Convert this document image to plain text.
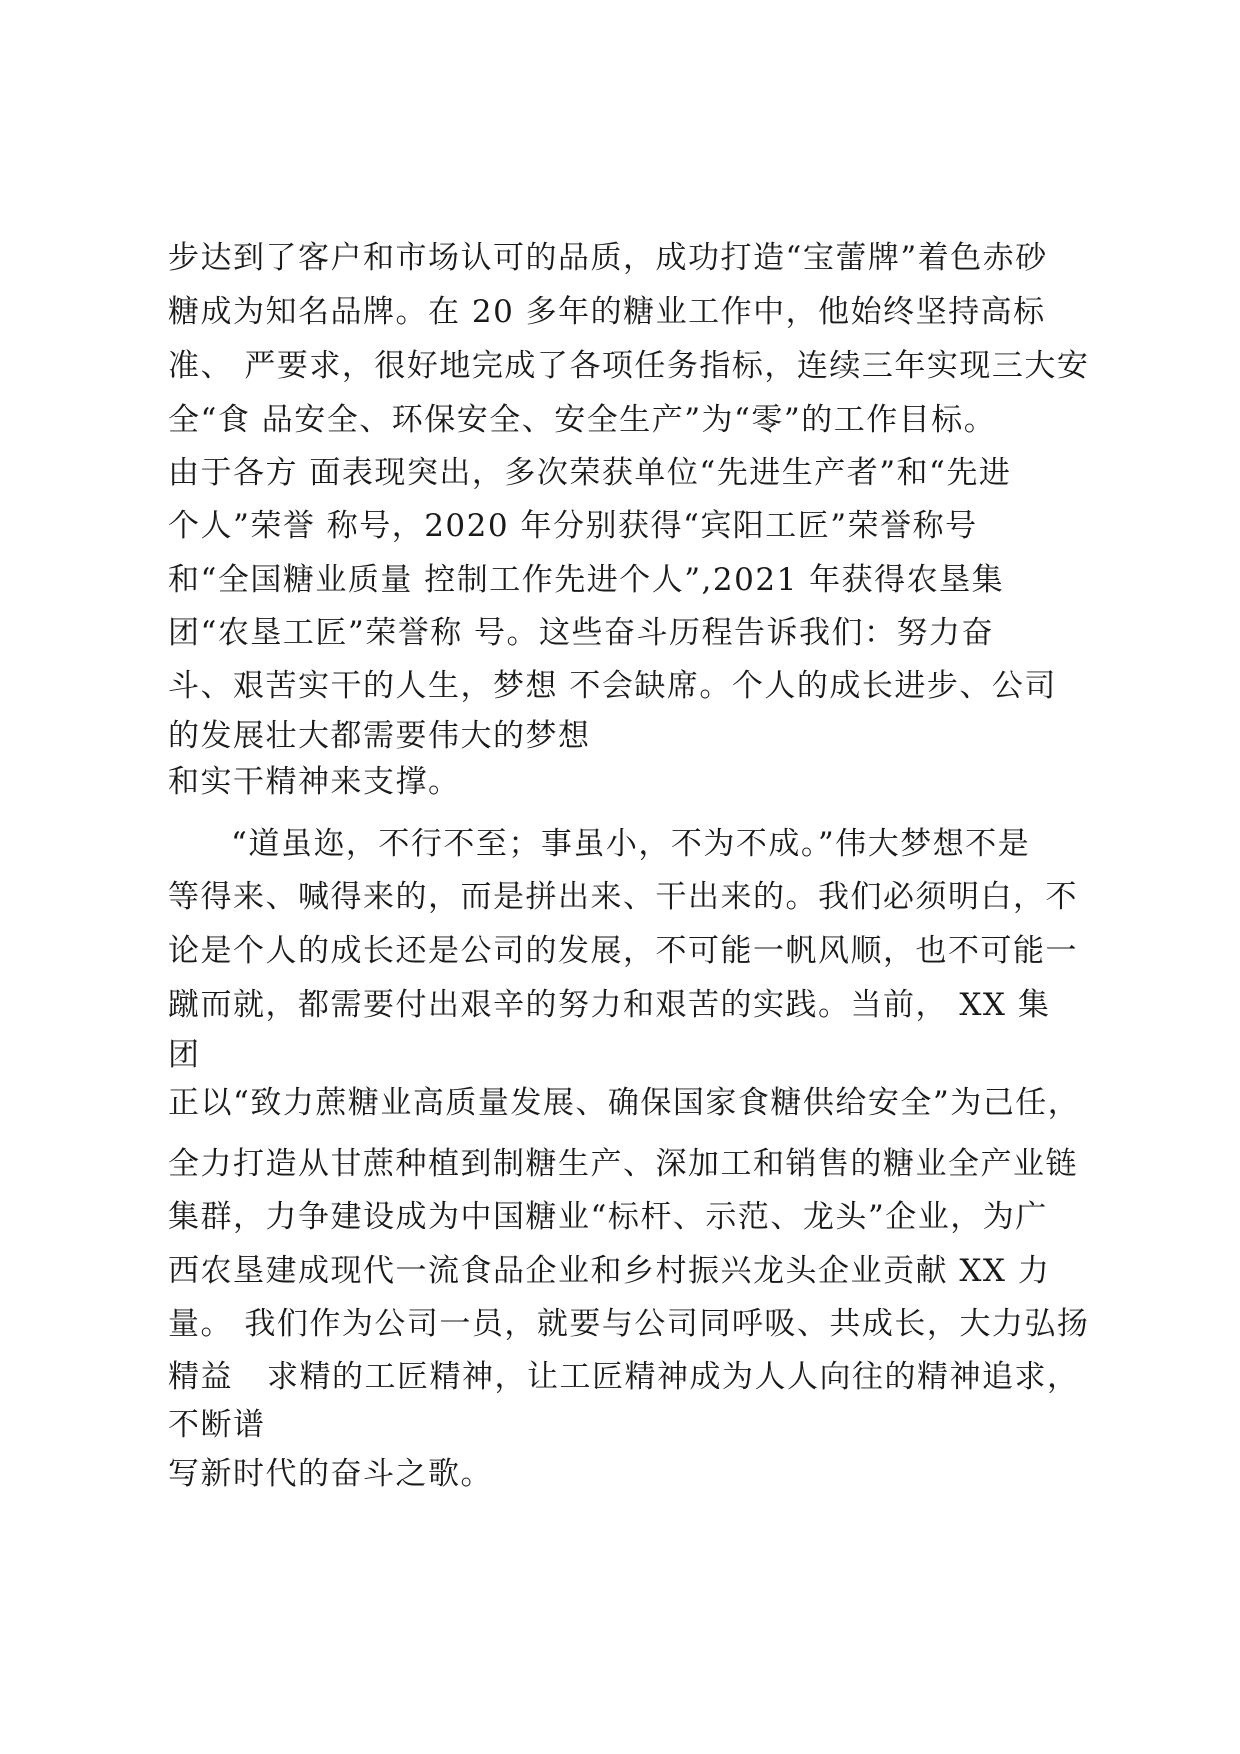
步达到了客户和市场认可的品质，成功打造“宝蕾牌”着色赤砂
糖成为知名品牌。在 20 多年的糖业工作中，他始终坚持高标
准、 严要求，很好地完成了各项任务指标，连续三年实现三大安
全“食 品安全、环保安全、安全生产”为“零”的工作目标。
由于各方 面表现突出，多次荣获单位“先进生产者”和“先进
个人”荣誉 称号，2020 年分别获得“宾阳工匠”荣誉称号
和“全国糖业质量 控制工作先进个人”,2021 年获得农垦集
团“农垦工匠”荣誉称 号。这些奋斗历程告诉我们：努力奋
斗、艰苦实干的人生，梦想 不会缺席。个人的成长进步、公司
的发展壮大都需要伟大的梦想
和实干精神来支撑。
“道虽迩，不行不至；事虽小，不为不成。”伟大梦想不是
等得来、喊得来的，而是拼出来、干出来的。我们必须明白，不
论是个人的成长还是公司的发展，不可能一帆风顺，也不可能一
蹴而就，都需要付出艰辛的努力和艰苦的实践。当前， XX 集
团
正以“致力蔗糖业高质量发展、确保国家食糖供给安全”为己任，
全力打造从甘蔗种植到制糖生产、深加工和销售的糖业全产业链
集群，力争建设成为中国糖业“标杆、示范、龙头”企业，为广
西农垦建成现代一流食品企业和乡村振兴龙头企业贡献 XX 力
量。 我们作为公司一员，就要与公司同呼吸、共成长，大力弘扬
精益   求精的工匠精神，让工匠精神成为人人向往的精神追求，
不断谱
写新时代的奋斗之歌。
